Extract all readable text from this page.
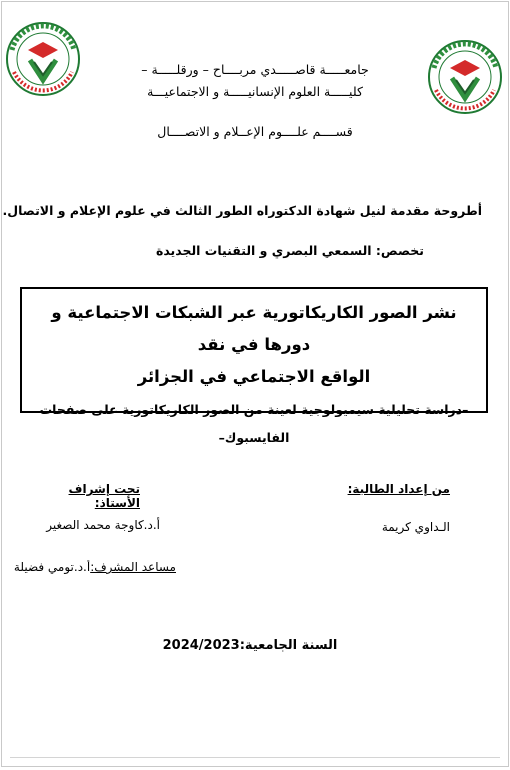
جامعـــــة قاصـــــدي مربــــاح – ورقلـــــة –
كليـــــة العلوم الإنسانيـــــة و الاجتماعيـــة
قســــم علــــوم الإعــلام و الاتصــــال
أطروحة مقدمة لنيل شهادة الدكتوراه الطور الثالث في علوم الإعلام و الاتصال.
تخصص: السمعي البصري و التقنيات الجديدة
نشر الصور الكاريكاتورية عبر الشبكات الاجتماعية و دورها في نقد
الواقع الاجتماعي في الجزائر
–دراسة تحليلية سيميولوجية لعينة من الصور الكاريكاتورية على صفحات
الفايسبوك–
من إعداد الطالبة:
تحت إشراف الأستاذ:
الـداوي كريمة
أ.د.كاوجة محمد الصغير
مساعد المشرف:أ.د.تومي فضيلة
السنة الجامعية:2024/2023
